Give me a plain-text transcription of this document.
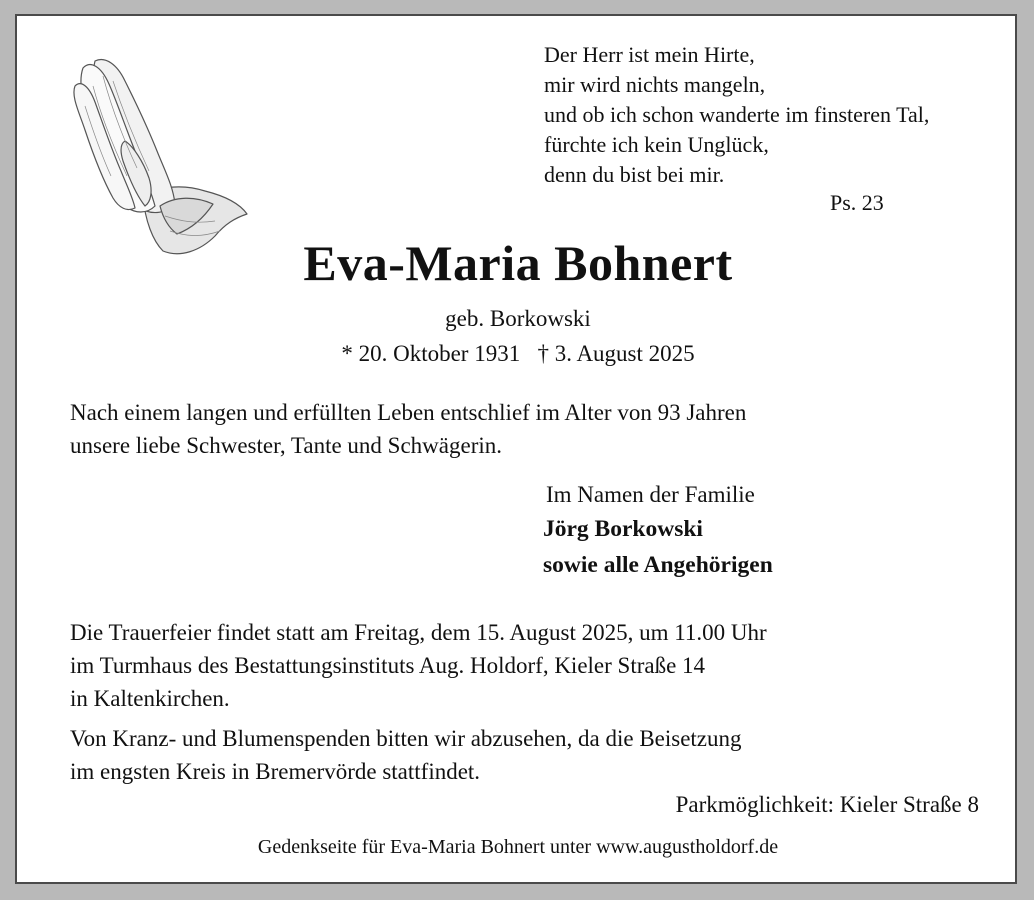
Der Herr ist mein Hirte,
mir wird nichts mangeln,
und ob ich schon wanderte im finsteren Tal,
fürchte ich kein Unglück,
denn du bist bei mir.
Ps. 23
Eva-Maria Bohnert
geb. Borkowski
* 20. Oktober 1931   † 3. August 2025
Nach einem langen und erfüllten Leben entschlief im Alter von 93 Jahren
unsere liebe Schwester, Tante und Schwägerin.
Im Namen der Familie
Jörg Borkowski
sowie alle Angehörigen
Die Trauerfeier findet statt am Freitag, dem 15. August 2025, um 11.00 Uhr
im Turmhaus des Bestattungsinstituts Aug. Holdorf, Kieler Straße 14
in Kaltenkirchen.
Von Kranz- und Blumenspenden bitten wir abzusehen, da die Beisetzung
im engsten Kreis in Bremervörde stattfindet.
Parkmöglichkeit: Kieler Straße 8
Gedenkseite für Eva-Maria Bohnert unter www.augustholdorf.de
